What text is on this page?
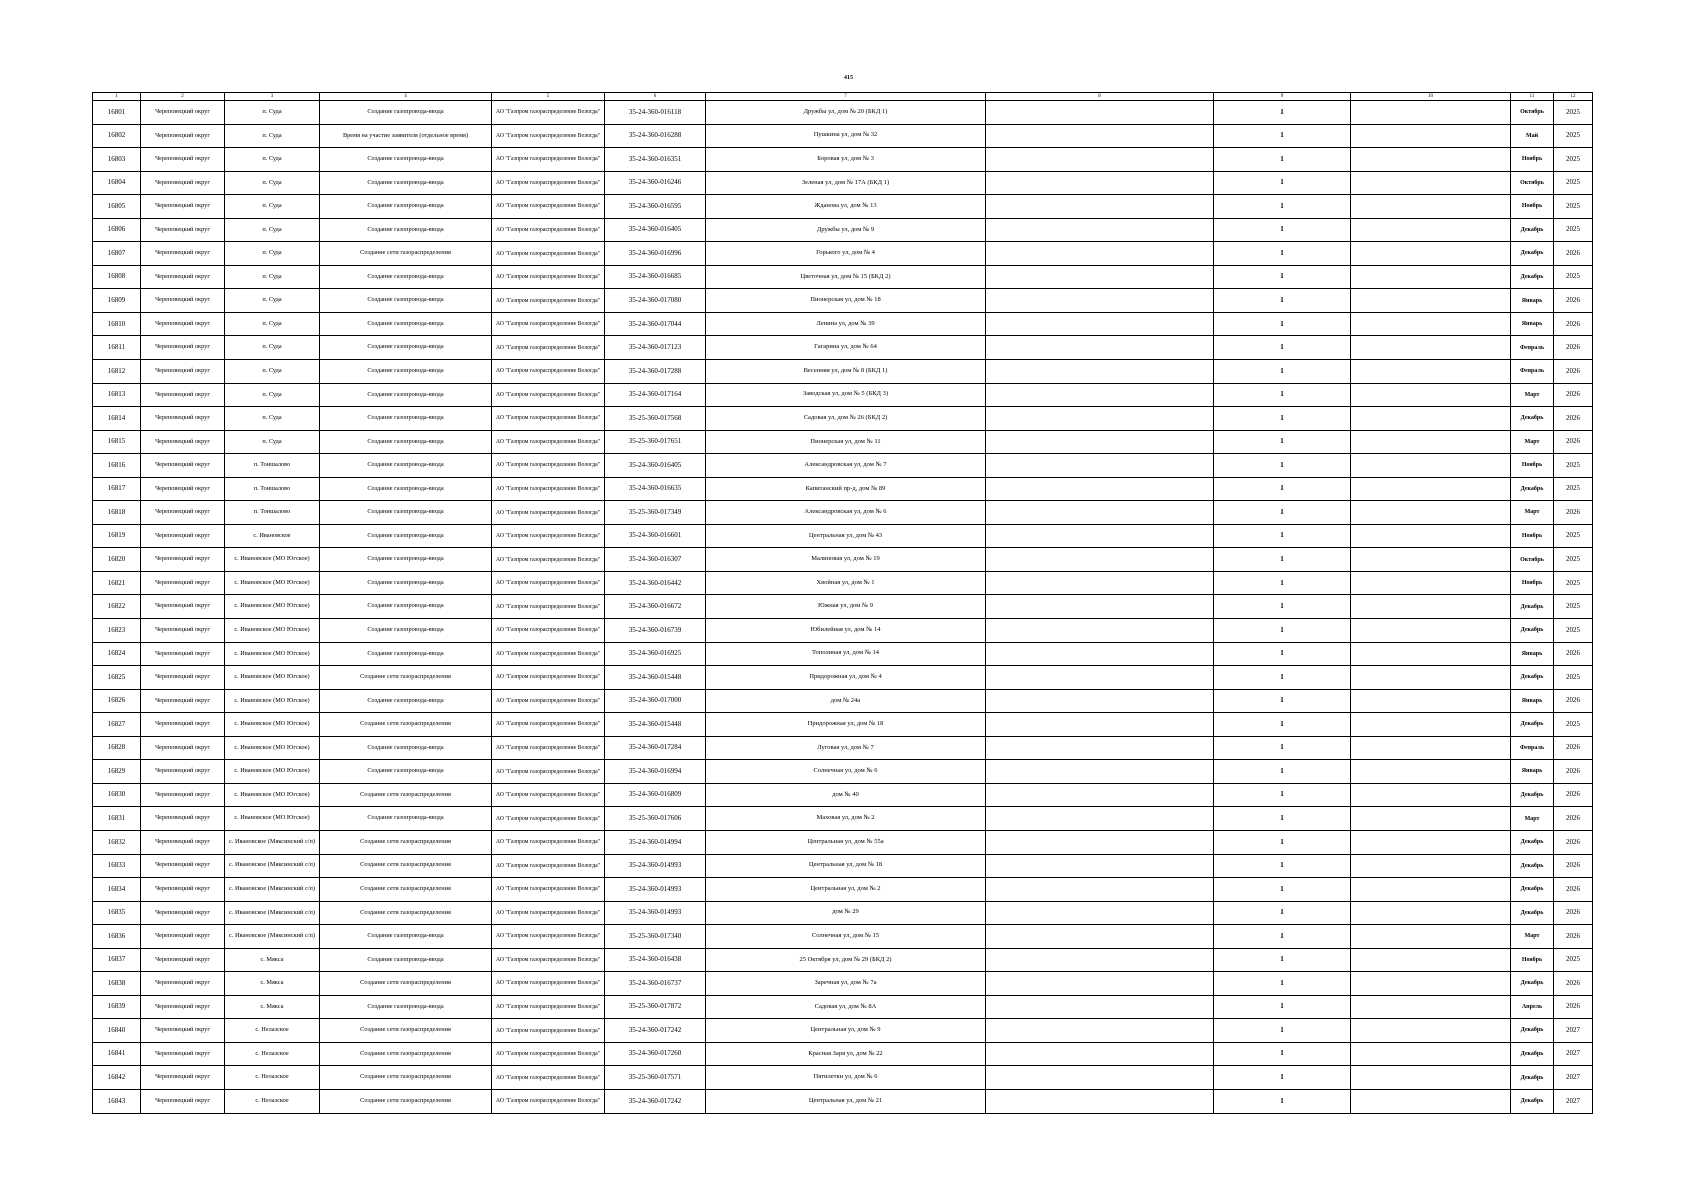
415
1	2	3	4	5	6	7	8	9	10	11	12
16801	Череповецкий округ	п. Суда	Создание газопровода-ввода	АО "Газпром газораспределение Вологда"	35-24-360-016118	Дружбы ул, дом № 20 (БКД 1)		1		Октябрь	2025
16802	Череповецкий округ	п. Суда	Время на участие заявителя (отдельное время)	АО "Газпром газораспределение Вологда"	35-24-360-016288	Пушкина ул, дом № 32		1		Май	2025
16803	Череповецкий округ	п. Суда	Создание газопровода-ввода	АО "Газпром газораспределение Вологда"	35-24-360-016351	Боровая ул, дом № 3		1		Ноябрь	2025
16804	Череповецкий округ	п. Суда	Создание газопровода-ввода	АО "Газпром газораспределение Вологда"	35-24-360-016246	Зеленая ул, дом № 17А (БКД 1)		1		Октябрь	2025
16805	Череповецкий округ	п. Суда	Создание газопровода-ввода	АО "Газпром газораспределение Вологда"	35-24-360-016595	Жданова ул, дом № 13		1		Ноябрь	2025
16806	Череповецкий округ	п. Суда	Создание газопровода-ввода	АО "Газпром газораспределение Вологда"	35-24-360-016405	Дружбы ул, дом № 9		1		Декабрь	2025
16807	Череповецкий округ	п. Суда	Создание сети газораспределения	АО "Газпром газораспределение Вологда"	35-24-360-016996	Горького ул, дом № 4		1		Декабрь	2026
16808	Череповецкий округ	п. Суда	Создание газопровода-ввода	АО "Газпром газораспределение Вологда"	35-24-360-016685	Цветочная ул, дом № 15 (БКД 2)		1		Декабрь	2025
16809	Череповецкий округ	п. Суда	Создание газопровода-ввода	АО "Газпром газораспределение Вологда"	35-24-360-017080	Пионерская ул, дом № 18		1		Январь	2026
16810	Череповецкий округ	п. Суда	Создание газопровода-ввода	АО "Газпром газораспределение Вологда"	35-24-360-017044	Ленина ул, дом № 39		1		Январь	2026
16811	Череповецкий округ	п. Суда	Создание газопровода-ввода	АО "Газпром газораспределение Вологда"	35-24-360-017123	Гагарина ул, дом № 64		1		Февраль	2026
16812	Череповецкий округ	п. Суда	Создание газопровода-ввода	АО "Газпром газораспределение Вологда"	35-24-360-017288	Весенняя ул, дом № 8 (БКД 1)		1		Февраль	2026
16813	Череповецкий округ	п. Суда	Создание газопровода-ввода	АО "Газпром газораспределение Вологда"	35-24-360-017164	Заводская ул, дом № 5 (БКД 3)		1		Март	2026
16814	Череповецкий округ	п. Суда	Создание газопровода-ввода	АО "Газпром газораспределение Вологда"	35-25-360-017568	Садовая ул, дом № 26 (БКД 2)		1		Декабрь	2026
16815	Череповецкий округ	п. Суда	Создание газопровода-ввода	АО "Газпром газораспределение Вологда"	35-25-360-017651	Пионерская ул, дом № 11		1		Март	2026
16816	Череповецкий округ	п. Тоншалово	Создание газопровода-ввода	АО "Газпром газораспределение Вологда"	35-24-360-016405	Александровская ул, дом № 7		1		Ноябрь	2025
16817	Череповецкий округ	п. Тоншалово	Создание газопровода-ввода	АО "Газпром газораспределение Вологда"	35-24-360-016635	Капитанский пр-д, дом № 89		1		Декабрь	2025
16818	Череповецкий округ	п. Тоншалово	Создание газопровода-ввода	АО "Газпром газораспределение Вологда"	35-25-360-017349	Александровская ул, дом № 6		1		Март	2026
16819	Череповецкий округ	с. Ивановское	Создание газопровода-ввода	АО "Газпром газораспределение Вологда"	35-24-360-016601	Центральная ул, дом № 43		1		Ноябрь	2025
16820	Череповецкий округ	с. Ивановское (МО Югское)	Создание газопровода-ввода	АО "Газпром газораспределение Вологда"	35-24-360-016307	Малиновая ул, дом № 19		1		Октябрь	2025
16821	Череповецкий округ	с. Ивановское (МО Югское)	Создание газопровода-ввода	АО "Газпром газораспределение Вологда"	35-24-360-016442	Хвойная ул, дом № 1		1		Ноябрь	2025
16822	Череповецкий округ	с. Ивановское (МО Югское)	Создание газопровода-ввода	АО "Газпром газораспределение Вологда"	35-24-360-016672	Южная ул, дом № 9		1		Декабрь	2025
16823	Череповецкий округ	с. Ивановское (МО Югское)	Создание газопровода-ввода	АО "Газпром газораспределение Вологда"	35-24-360-016739	Юбилейная ул, дом № 14		1		Декабрь	2025
16824	Череповецкий округ	с. Ивановское (МО Югское)	Создание газопровода-ввода	АО "Газпром газораспределение Вологда"	35-24-360-016925	Тополиная ул, дом № 14		1		Январь	2026
16825	Череповецкий округ	с. Ивановское (МО Югское)	Создание сети газораспределения	АО "Газпром газораспределение Вологда"	35-24-360-015448	Придорожная ул, дом № 4		1		Декабрь	2025
16826	Череповецкий округ	с. Ивановское (МО Югское)	Создание газопровода-ввода	АО "Газпром газораспределение Вологда"	35-24-360-017000	дом № 24а		1		Январь	2026
16827	Череповецкий округ	с. Ивановское (МО Югское)	Создание сети газораспределения	АО "Газпром газораспределение Вологда"	35-24-360-015448	Придорожная ул, дом № 18		1		Декабрь	2025
16828	Череповецкий округ	с. Ивановское (МО Югское)	Создание газопровода-ввода	АО "Газпром газораспределение Вологда"	35-24-360-017284	Луговая ул, дом № 7		1		Февраль	2026
16829	Череповецкий округ	с. Ивановское (МО Югское)	Создание газопровода-ввода	АО "Газпром газораспределение Вологда"	35-24-360-016994	Солнечная ул, дом № 6		1		Январь	2026
16830	Череповецкий округ	с. Ивановское (МО Югское)	Создание сети газораспределения	АО "Газпром газораспределение Вологда"	35-24-360-016809	дом № 40		1		Декабрь	2026
16831	Череповецкий округ	с. Ивановское (МО Югское)	Создание газопровода-ввода	АО "Газпром газораспределение Вологда"	35-25-360-017606	Маховая ул, дом № 2		1		Март	2026
16832	Череповецкий округ	с. Ивановское (Мяксинский с/п)	Создание сети газораспределения	АО "Газпром газораспределение Вологда"	35-24-360-014994	Центральная ул, дом № 55а		1		Декабрь	2026
16833	Череповецкий округ	с. Ивановское (Мяксинский с/п)	Создание сети газораспределения	АО "Газпром газораспределение Вологда"	35-24-360-014993	Центральная ул, дом № 18		1		Декабрь	2026
16834	Череповецкий округ	с. Ивановское (Мяксинский с/п)	Создание сети газораспределения	АО "Газпром газораспределение Вологда"	35-24-360-014993	Центральная ул, дом № 2		1		Декабрь	2026
16835	Череповецкий округ	с. Ивановское (Мяксинский с/п)	Создание сети газораспределения	АО "Газпром газораспределение Вологда"	35-24-360-014993	дом № 29		1		Декабрь	2026
16836	Череповецкий округ	с. Ивановское (Мяксинский с/п)	Создание газопровода-ввода	АО "Газпром газораспределение Вологда"	35-25-360-017340	Солнечная ул, дом № 15		1		Март	2026
16837	Череповецкий округ	с. Мякса	Создание газопровода-ввода	АО "Газпром газораспределение Вологда"	35-24-360-016438	25 Октября ул, дом № 29 (БКД 2)		1		Ноябрь	2025
16838	Череповецкий округ	с. Мякса	Создание сети газораспределения	АО "Газпром газораспределение Вологда"	35-24-360-016737	Заречная ул, дом № 7а		1		Декабрь	2026
16839	Череповецкий округ	с. Мякса	Создание газопровода-ввода	АО "Газпром газораспределение Вологда"	35-25-360-017872	Садовая ул, дом № 8А		1		Апрель	2026
16840	Череповецкий округ	с. Нелазское	Создание сети газораспределения	АО "Газпром газораспределение Вологда"	35-24-360-017242	Центральная ул, дом № 9		1		Декабрь	2027
16841	Череповецкий округ	с. Нелазское	Создание сети газораспределения	АО "Газпром газораспределение Вологда"	35-24-360-017260	Красная Заря ул, дом № 22		1		Декабрь	2027
16842	Череповецкий округ	с. Нелазское	Создание сети газораспределения	АО "Газпром газораспределение Вологда"	35-25-360-017571	Пятилетки ул, дом № 6		1		Декабрь	2027
16843	Череповецкий округ	с. Нелазское	Создание сети газораспределения	АО "Газпром газораспределение Вологда"	35-24-360-017242	Центральная ул, дом № 21		1		Декабрь	2027
